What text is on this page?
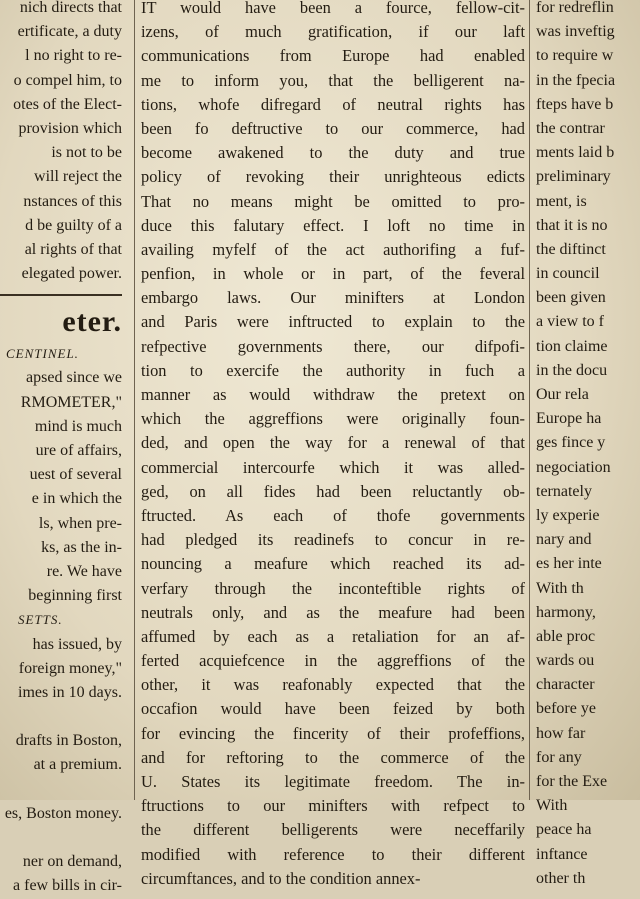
nich directs that
ertificate, a duty
l no right to re-
o compel him, to
otes of the Elect-
provision which
is not to be
will reject the
nstances of this
d be guilty of a
al rights of that
elegated power.
eter.
CENTINEL.
apsed since we
RMOMETER,"
mind is much
ure of affairs,
uest of several
e in which the
ls, when pre-
ks, as the in-
re. We have
beginning first
SETTS.
has issued, by
foreign money,"
imes in 10 days.

drafts in Boston,
at a premium.

es, Boston money.

ner on demand,
a few bills in cir-
IT would have been a fource, fellow-cit-
izens, of much gratification, if our laft
communications from Europe had enabled
me to inform you, that the belligerent na-
tions, whofe difregard of neutral rights has
been fo deftructive to our commerce, had
become awakened to the duty and true
policy of revoking their unrighteous edicts
That no means might be omitted to pro-
duce this falutary effect. I loft no time in
availing myfelf of the act authorifing a fuf-
penfion, in whole or in part, of the feveral
embargo laws. Our minifters at London
and Paris were inftructed to explain to the
refpective governments there, our difpofi-
tion to exercife the authority in fuch a
manner as would withdraw the pretext on
which the aggreffions were originally foun-
ded, and open the way for a renewal of that
commercial intercourfe which it was alled-
ged, on all fides had been reluctantly ob-
ftructed. As each of thofe governments
had pledged its readinefs to concur in re-
nouncing a meafure which reached its ad-
verfary through the inconteftible rights of
neutrals only, and as the meafure had been
affumed by each as a retaliation for an af-
ferted acquiefcence in the aggreffions of the
other, it was reafonably expected that the
occafion would have been feized by both
for evincing the fincerity of their profeffions,
and for reftoring to the commerce of the
U. States its legitimate freedom. The in-
ftructions to our minifters with refpect to
the different belligerents were neceffarily
modified with reference to their different
circumftances, and to the condition annex-
for redreflin
was inveftig
to require w
in the fpecia
fteps have b
the contrar
ments laid b
preliminary
ment, is
that it is no
the diftinct
in council
been given
a view to f
tion claime
in the docu
Our rela
Europe ha
ges fince y
negociation
ternately
ly experie
nary and
es her inte
With th
harmony,
able proc
wards ou
character
before ye
how far
for any
for the Exe
With
peace ha
inftance
other th
